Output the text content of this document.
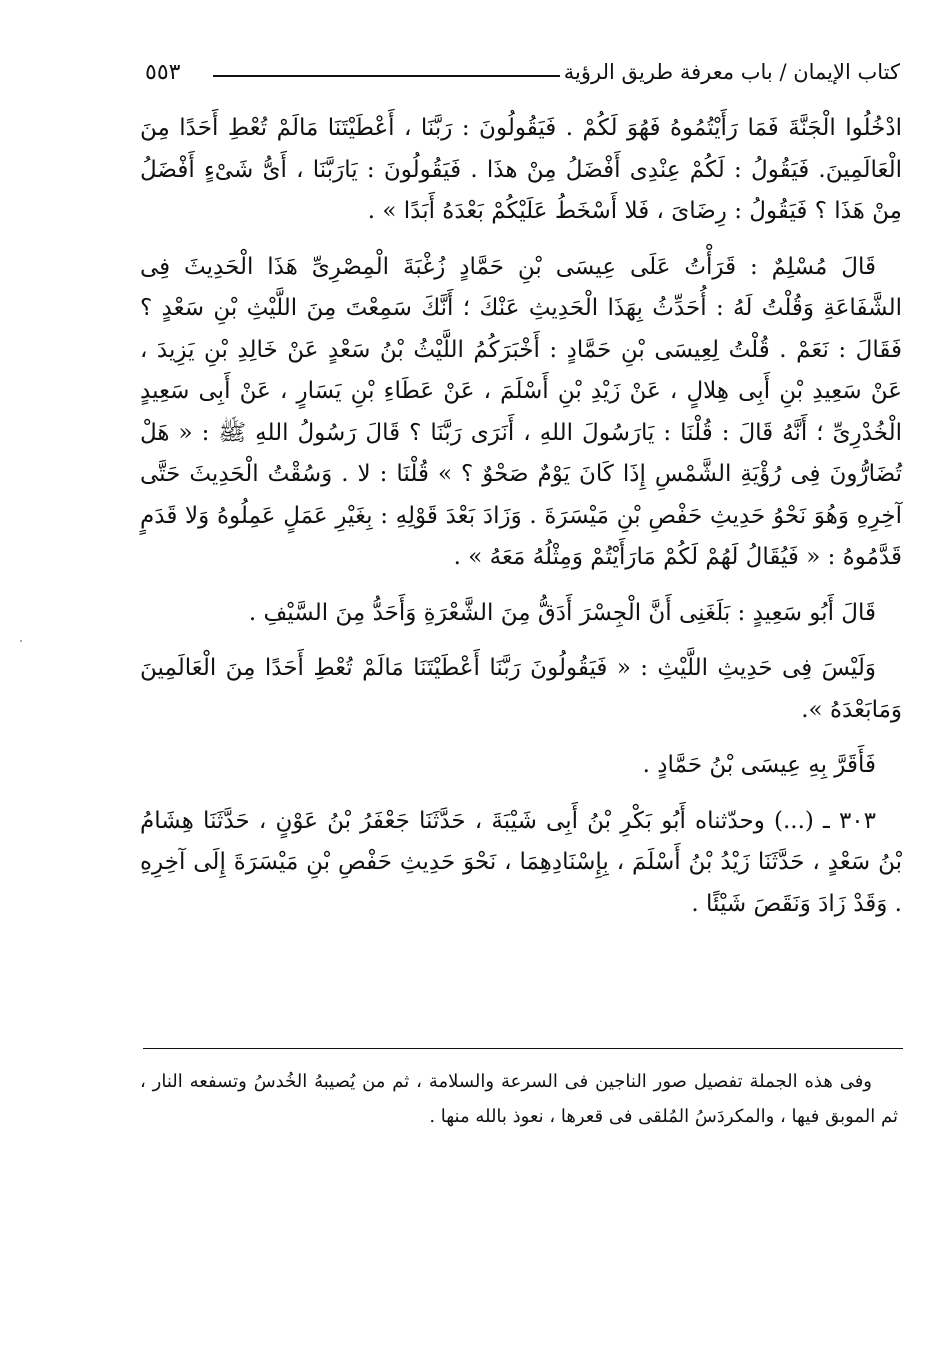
كتاب الإيمان / باب معرفة طريق الرؤية
٥٥٣

ادْخُلُوا الْجَنَّةَ فَمَا رَأَيْتُمُوهُ فَهُوَ لَكُمْ . فَيَقُولُونَ : رَبَّنَا ، أَعْطَيْتَنَا مَالَمْ تُعْطِ أَحَدًا مِنَ الْعَالَمِينَ. فَيَقُولُ : لَكُمْ عِنْدِى أَفْضَلُ مِنْ هذَا . فَيَقُولُونَ : يَارَبَّنَا ، أَىُّ شَىْءٍ أَفْضَلُ مِنْ هَذَا ؟ فَيَقُولُ : رِضَاىَ ، فَلا أَسْخَطُ عَلَيْكُمْ بَعْدَهُ أَبَدًا » .

قَالَ مُسْلِمٌ : قَرَأْتُ عَلَى عِيسَى بْنِ حَمَّادٍ زُغْبَةَ الْمِصْرِىِّ هَذَا الْحَدِيثَ فِى الشَّفَاعَةِ وَقُلْتُ لَهُ : أُحَدِّثُ بِهَذَا الْحَدِيثِ عَنْكَ ؛ أَنَّكَ سَمِعْتَ مِنَ اللَّيْثِ بْنِ سَعْدٍ ؟ فَقَالَ : نَعَمْ . قُلْتُ لِعِيسَى بْنِ حَمَّادٍ : أَخْبَرَكُمُ اللَّيْثُ بْنُ سَعْدٍ عَنْ خَالِدِ بْنِ يَزِيدَ ، عَنْ سَعِيدِ بْنِ أَبِى هِلالٍ ، عَنْ زَيْدِ بْنِ أَسْلَمَ ، عَنْ عَطَاءِ بْنِ يَسَارٍ ، عَنْ أَبِى سَعِيدٍ الْخُدْرِىِّ ؛ أَنَّهُ قَالَ : قُلْنَا : يَارَسُولَ اللهِ ، أَنَرَى رَبَّنَا ؟ قَالَ رَسُولُ اللهِ ﷺ : « هَلْ تُضَارُّونَ فِى رُؤْيَةِ الشَّمْسِ إِذَا كَانَ يَوْمٌ صَحْوٌ ؟ » قُلْنَا : لا . وَسُقْتُ الْحَدِيثَ حَتَّى آخِرِهِ وَهُوَ نَحْوُ حَدِيثِ حَفْصِ بْنِ مَيْسَرَةَ . وَزَادَ بَعْدَ قَوْلِهِ : بِغَيْرِ عَمَلٍ عَمِلُوهُ وَلا قَدَمٍ قَدَّمُوهُ : « فَيُقَالُ لَهُمْ لَكُمْ مَارَأَيْتُمْ وَمِثْلُهُ مَعَهُ » .

قَالَ أَبُو سَعِيدٍ : بَلَغَنِى أَنَّ الْجِسْرَ أَدَقُّ مِنَ الشَّعْرَةِ وَأَحَدُّ مِنَ السَّيْفِ .

وَلَيْسَ فِى حَدِيثِ اللَّيْثِ : « فَيَقُولُونَ رَبَّنَا أَعْطَيْتَنَا مَالَمْ تُعْطِ أَحَدًا مِنَ الْعَالَمِينَ وَمَابَعْدَهُ ».

فَأَقَرَّ بِهِ عِيسَى بْنُ حَمَّادٍ .

٣٠٣ ـ (...) وحدّثناه أَبُو بَكْرِ بْنُ أَبِى شَيْبَةَ ، حَدَّثَنَا جَعْفَرُ بْنُ عَوْنٍ ، حَدَّثَنَا هِشَامُ بْنُ سَعْدٍ ، حَدَّثَنَا زَيْدُ بْنُ أَسْلَمَ ، بِإِسْنَادِهِمَا ، نَحْوَ حَدِيثِ حَفْصِ بْنِ مَيْسَرَةَ إِلَى آخِرِهِ . وَقَدْ زَادَ وَنَقَصَ شَيْئًا .

وفى هذه الجملة تفصيل صور الناجين فى السرعة والسلامة ، ثم من يُصيبهُ الخُدسُ وتسفعه النار ، ثم الموبق فيها ، والمكردَسُ المُلقى فى قعرها ، نعوذ بالله منها .
